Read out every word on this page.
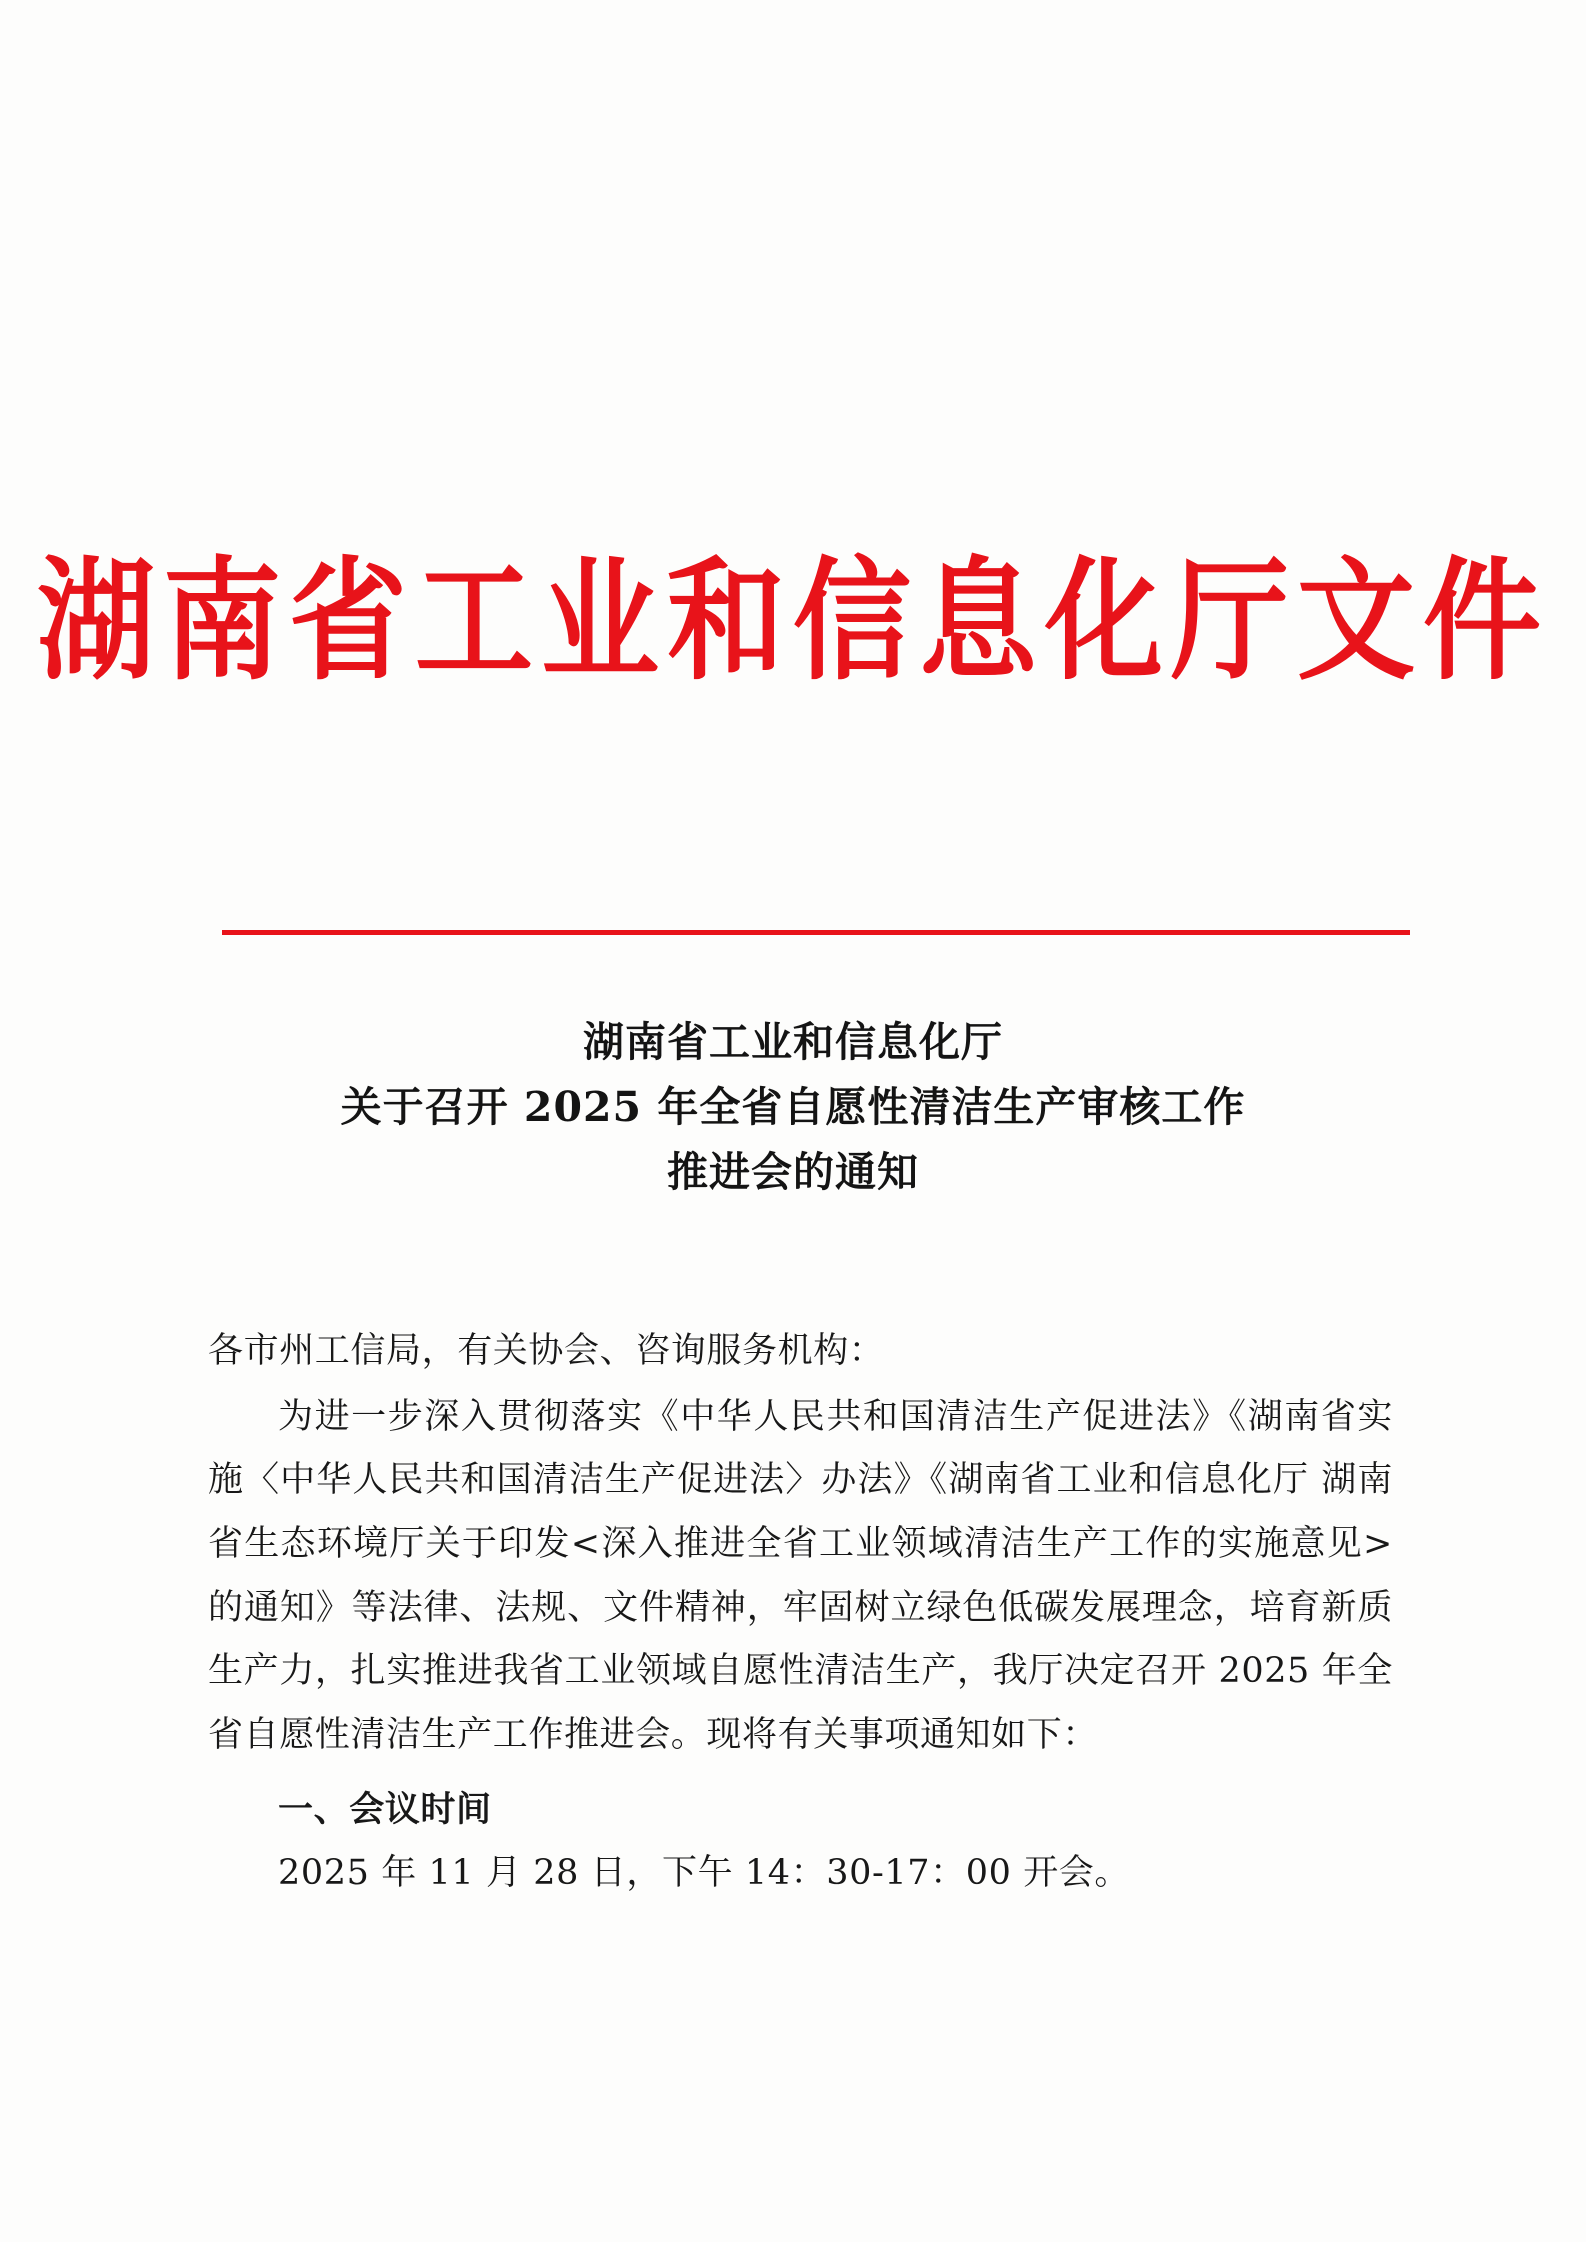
湖南省工业和信息化厅文件
湖南省工业和信息化厅
关于召开 2025 年全省自愿性清洁生产审核工作
推进会的通知
各市州工信局，有关协会、咨询服务机构：

为进一步深入贯彻落实《中华人民共和国清洁生产促进法》《湖南省实施〈中华人民共和国清洁生产促进法〉办法》《湖南省工业和信息化厅 湖南省生态环境厅关于印发<深入推进全省工业领域清洁生产工作的实施意见>的通知》等法律、法规、文件精神，牢固树立绿色低碳发展理念，培育新质生产力，扎实推进我省工业领域自愿性清洁生产，我厅决定召开 2025 年全省自愿性清洁生产工作推进会。现将有关事项通知如下：

一、会议时间

2025 年 11 月 28 日，下午 14：30-17：00 开会。
